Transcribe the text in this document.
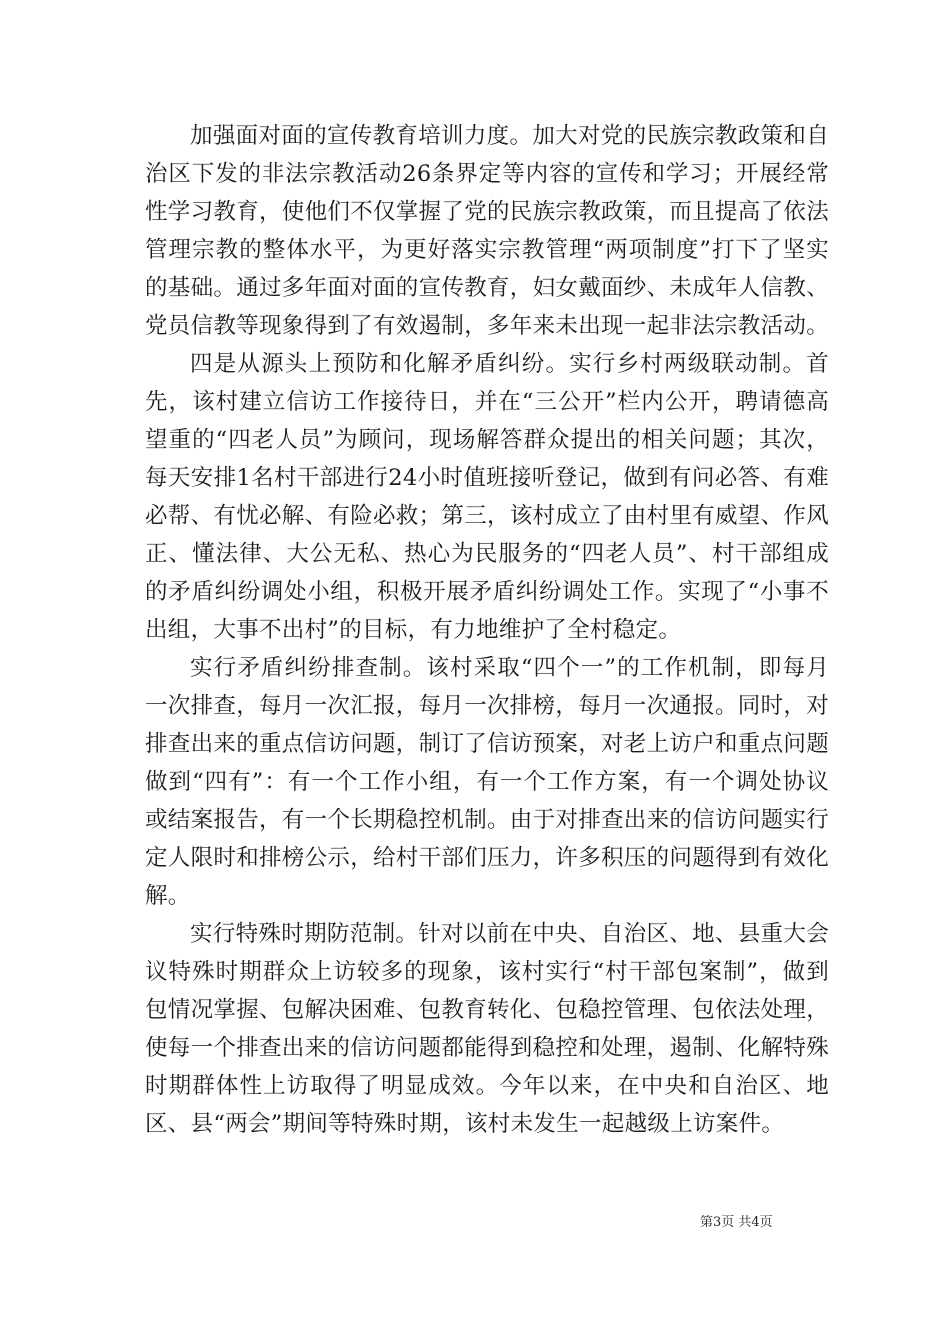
加强面对面的宣传教育培训力度。加大对党的民族宗教政策和自治区下发的非法宗教活动26条界定等内容的宣传和学习；开展经常性学习教育，使他们不仅掌握了党的民族宗教政策，而且提高了依法管理宗教的整体水平，为更好落实宗教管理“两项制度”打下了坚实的基础。通过多年面对面的宣传教育，妇女戴面纱、未成年人信教、党员信教等现象得到了有效遏制，多年来未出现一起非法宗教活动。

四是从源头上预防和化解矛盾纠纷。实行乡村两级联动制。首先，该村建立信访工作接待日，并在“三公开”栏内公开，聘请德高望重的“四老人员”为顾问，现场解答群众提出的相关问题；其次，每天安排1名村干部进行24小时值班接听登记，做到有问必答、有难必帮、有忧必解、有险必救；第三，该村成立了由村里有威望、作风正、懂法律、大公无私、热心为民服务的“四老人员”、村干部组成的矛盾纠纷调处小组，积极开展矛盾纠纷调处工作。实现了“小事不出组，大事不出村”的目标，有力地维护了全村稳定。

实行矛盾纠纷排查制。该村采取“四个一”的工作机制，即每月一次排查，每月一次汇报，每月一次排榜，每月一次通报。同时，对排查出来的重点信访问题，制订了信访预案，对老上访户和重点问题做到“四有”：有一个工作小组，有一个工作方案，有一个调处协议或结案报告，有一个长期稳控机制。由于对排查出来的信访问题实行定人限时和排榜公示，给村干部们压力，许多积压的问题得到有效化解。

实行特殊时期防范制。针对以前在中央、自治区、地、县重大会议特殊时期群众上访较多的现象，该村实行“村干部包案制”，做到包情况掌握、包解决困难、包教育转化、包稳控管理、包依法处理，使每一个排查出来的信访问题都能得到稳控和处理，遏制、化解特殊时期群体性上访取得了明显成效。今年以来，在中央和自治区、地区、县“两会”期间等特殊时期，该村未发生一起越级上访案件。

第3页 共4页
